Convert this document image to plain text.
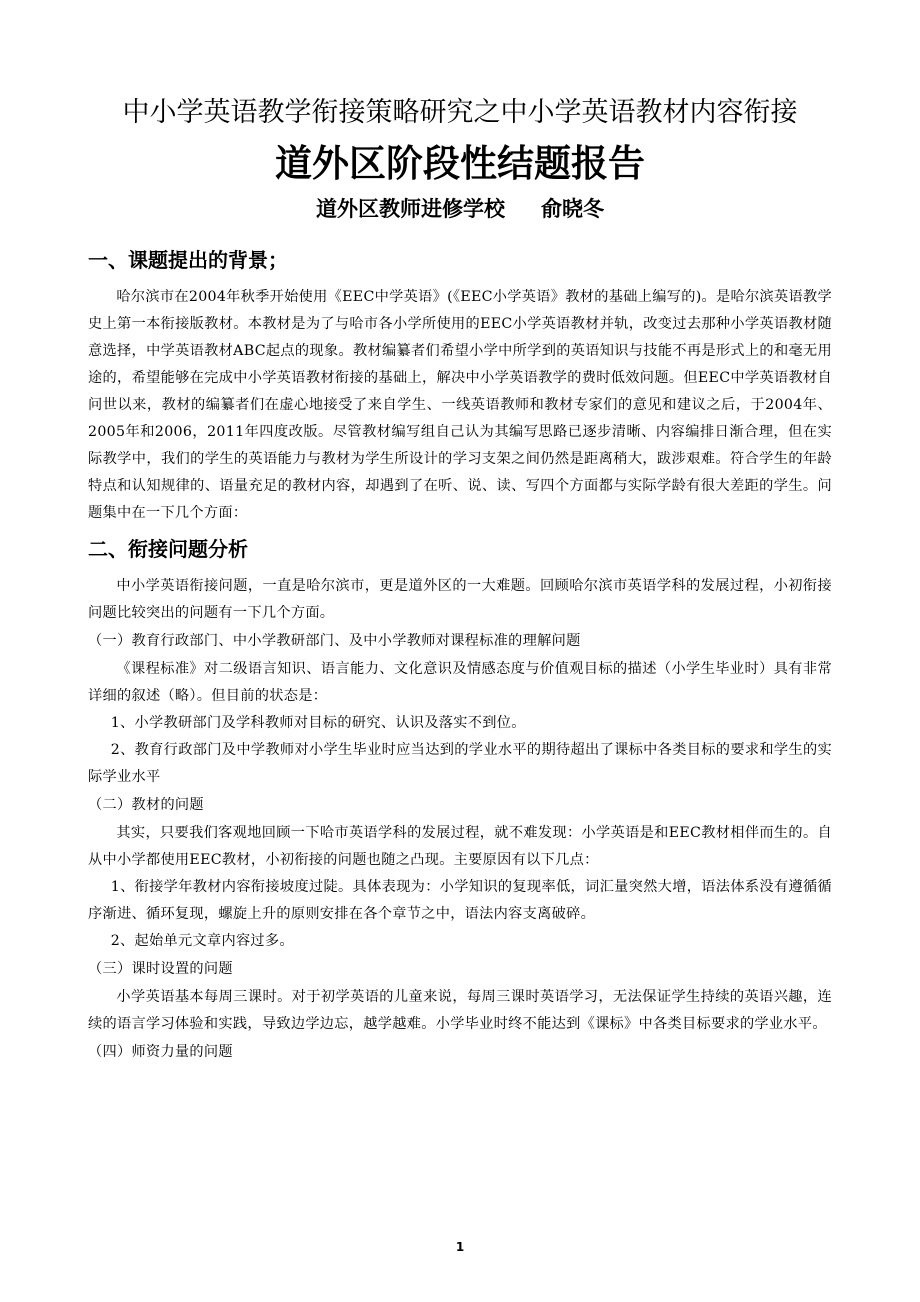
中小学英语教学衔接策略研究之中小学英语教材内容衔接
道外区阶段性结题报告
道外区教师进修学校 俞晓冬
一、课题提出的背景；

哈尔滨市在2004年秋季开始使用《EEC中学英语》(《EEC小学英语》教材的基础上编写的)。是哈尔滨英语教学史上第一本衔接版教材。本教材是为了与哈市各小学所使用的EEC小学英语教材并轨，改变过去那种小学英语教材随意选择，中学英语教材ABC起点的现象。教材编纂者们希望小学中所学到的英语知识与技能不再是形式上的和毫无用途的，希望能够在完成中小学英语教材衔接的基础上，解决中小学英语教学的费时低效问题。但EEC中学英语教材自问世以来，教材的编纂者们在虚心地接受了来自学生、一线英语教师和教材专家们的意见和建议之后，于2004年、2005年和2006，2011年四度改版。尽管教材编写组自己认为其编写思路已逐步清晰、内容编排日渐合理，但在实际教学中，我们的学生的英语能力与教材为学生所设计的学习支架之间仍然是距离稍大，跋涉艰难。符合学生的年龄特点和认知规律的、语量充足的教材内容，却遇到了在听、说、读、写四个方面都与实际学龄有很大差距的学生。问题集中在一下几个方面：

二、衔接问题分析

中小学英语衔接问题，一直是哈尔滨市，更是道外区的一大难题。回顾哈尔滨市英语学科的发展过程，小初衔接问题比较突出的问题有一下几个方面。

（一）教育行政部门、中小学教研部门、及中小学教师对课程标准的理解问题

《课程标准》对二级语言知识、语言能力、文化意识及情感态度与价值观目标的描述（小学生毕业时）具有非常详细的叙述（略）。但目前的状态是：

1、小学教研部门及学科教师对目标的研究、认识及落实不到位。

2、教育行政部门及中学教师对小学生毕业时应当达到的学业水平的期待超出了课标中各类目标的要求和学生的实际学业水平

（二）教材的问题

其实，只要我们客观地回顾一下哈市英语学科的发展过程，就不难发现：小学英语是和EEC教材相伴而生的。自从中小学都使用EEC教材，小初衔接的问题也随之凸现。主要原因有以下几点：

1、衔接学年教材内容衔接坡度过陡。具体表现为：小学知识的复现率低，词汇量突然大增，语法体系没有遵循循序渐进、循环复现，螺旋上升的原则安排在各个章节之中，语法内容支离破碎。

2、起始单元文章内容过多。

（三）课时设置的问题

小学英语基本每周三课时。对于初学英语的儿童来说，每周三课时英语学习，无法保证学生持续的英语兴趣，连续的语言学习体验和实践，导致边学边忘，越学越难。小学毕业时终不能达到《课标》中各类目标要求的学业水平。

（四）师资力量的问题

1
